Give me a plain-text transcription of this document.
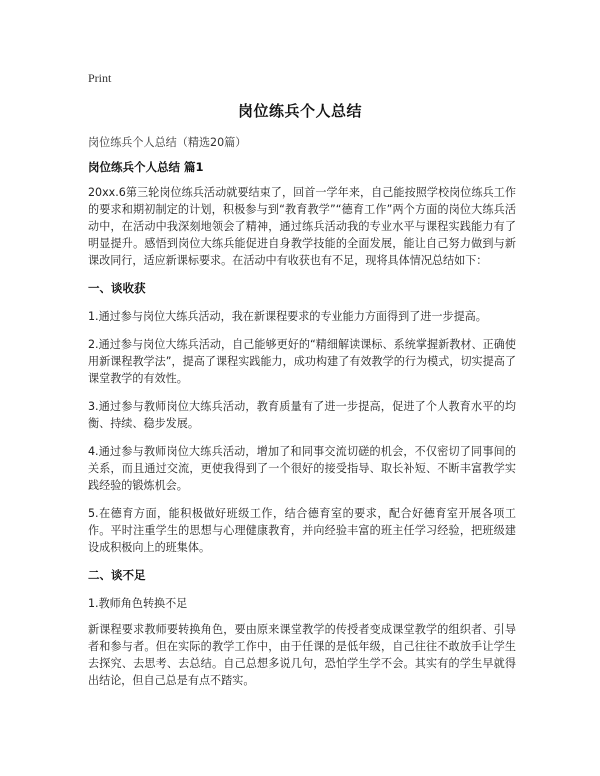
Print
岗位练兵个人总结

岗位练兵个人总结（精选20篇）

岗位练兵个人总结 篇1

20xx.6第三轮岗位练兵活动就要结束了，回首一学年来，自己能按照学校岗位练兵工作的要求和期初制定的计划，积极参与到“教育教学”“德育工作”两个方面的岗位大练兵活动中，在活动中我深刻地领会了精神，通过练兵活动我的专业水平与课程实践能力有了明显提升。感悟到岗位大练兵能促进自身教学技能的全面发展，能让自己努力做到与新课改同行，适应新课标要求。在活动中有收获也有不足，现将具体情况总结如下：

一、谈收获

1.通过参与岗位大练兵活动，我在新课程要求的专业能力方面得到了进一步提高。

2.通过参与岗位大练兵活动，自己能够更好的“精细解读课标、系统掌握新教材、正确使用新课程教学法”，提高了课程实践能力，成功构建了有效教学的行为模式，切实提高了课堂教学的有效性。

3.通过参与教师岗位大练兵活动，教育质量有了进一步提高，促进了个人教育水平的均衡、持续、稳步发展。

4.通过参与教师岗位大练兵活动，增加了和同事交流切磋的机会，不仅密切了同事间的关系，而且通过交流，更使我得到了一个很好的接受指导、取长补短、不断丰富教学实践经验的锻炼机会。

5.在德育方面，能积极做好班级工作，结合德育室的要求，配合好德育室开展各项工作。平时注重学生的思想与心理健康教育，并向经验丰富的班主任学习经验，把班级建设成积极向上的班集体。

二、谈不足

1.教师角色转换不足

新课程要求教师要转换角色，要由原来课堂教学的传授者变成课堂教学的组织者、引导者和参与者。但在实际的教学工作中，由于任课的是低年级，自己往往不敢放手让学生去探究、去思考、去总结。自己总想多说几句，恐怕学生学不会。其实有的学生早就得出结论，但自己总是有点不踏实。
